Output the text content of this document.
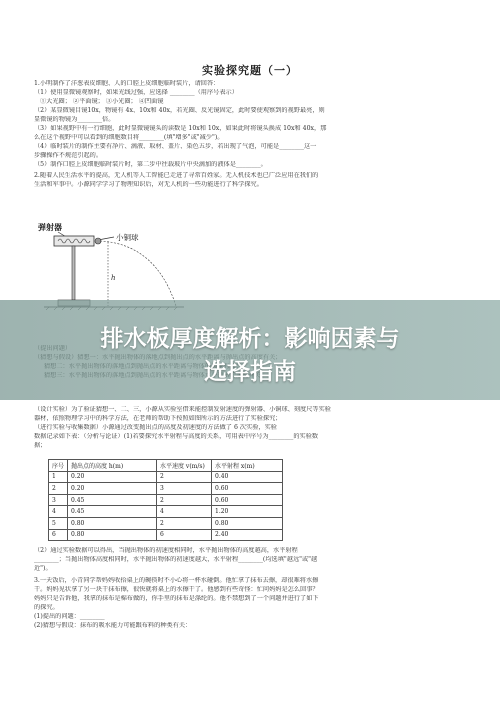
实验探究题（一）
1.小明制作了洋葱表皮细胞、人的口腔上皮细胞临时装片，请回答：
（1）使用显微镜观察时，如果光线过强，应选择 ________（用序号表示）
①大光圈； ②平面镜； ③小光圈； ④凹面镜
（2）某显微镜目镜10x，物镜有 4x、10x和 40x，若光圈、反光镜固定，此时要使观察到的视野最亮，则
显微镜的物镜为________倍。
（3）如果视野中有一行细胞，此时显微镜镜头的读数是 10x和 10x，如果此时将镜头换成 10x和 40x，那
么在这个视野中可以看到的细胞数目将________(填"增多"或"减少")。
（4）临时装片的制作主要有净片、滴液、取材、盖片、染色五步，若出现了气泡，可能是________这一
步骤操作不规范引起的。
（5）制作口腔上皮细胞临时装片时，第二步中往载玻片中央滴加的液体是________。
2.随着人民生活水平的提高，无人机等人工智能已走进了寻常百姓家。无人机技术也已广泛应用在我们的
生活和军事中。小源同学学习了物理知识后，对无人机的一些功能进行了科学探究。
弹射器
小铜球
h
排水板厚度解析：影响因素与
选择指南
（设计实验）为了验证猜想一、二、三，小源从实验室借来能控制发射速度的弹射器、小铜球、刻度尺等实验
器材，依照物理学习中的科学方法，在老师的帮助下按照如图所示的方法进行了实验探究；
（进行实验与收集数据）小源通过改变抛出点的高度及初速度的方法做了 6 次实验，实验
数据记录如下表：（分析与论证）(1)若要探究水平射程与高度的关系，可用表中序号为________的实验数
据；
序号	抛出点的高度 h(m)	水平速度 v(m/s)	水平射程 x(m)
1	0.20	2	0.40
2	0.20	3	0.60
3	0.45	2	0.60
4	0.45	4	1.20
5	0.80	2	0.80
6	0.80	6	2.40
（2）通过实验数据可以得出，当抛出物体的初速度相同时，水平抛出物体的高度越高，水平射程
________；当抛出物体高度相同时，水平抛出物体的初速度越大，水平射程________(均选填"越远"或"越
近")。
3.一天饭后，小青同学帮妈妈收拾桌上的碗筷时不小心将一杯水碰倒。他忙拿了抹布去擦，却很难将水擦
干。妈妈见状拿了另一块干抹布擦，很快就将桌上的水擦干了。他感到有些奇怪：忙问妈妈是怎么回事？
妈妈只是告诉他，我拿的抹布是棉布做的，你手里的抹布是涤纶的。他不禁想到了一个问题并进行了如下
的探究。
(1)提出的问题：________
(2)猜想与假设：抹布的吸水能力可能跟布料的种类有关：
